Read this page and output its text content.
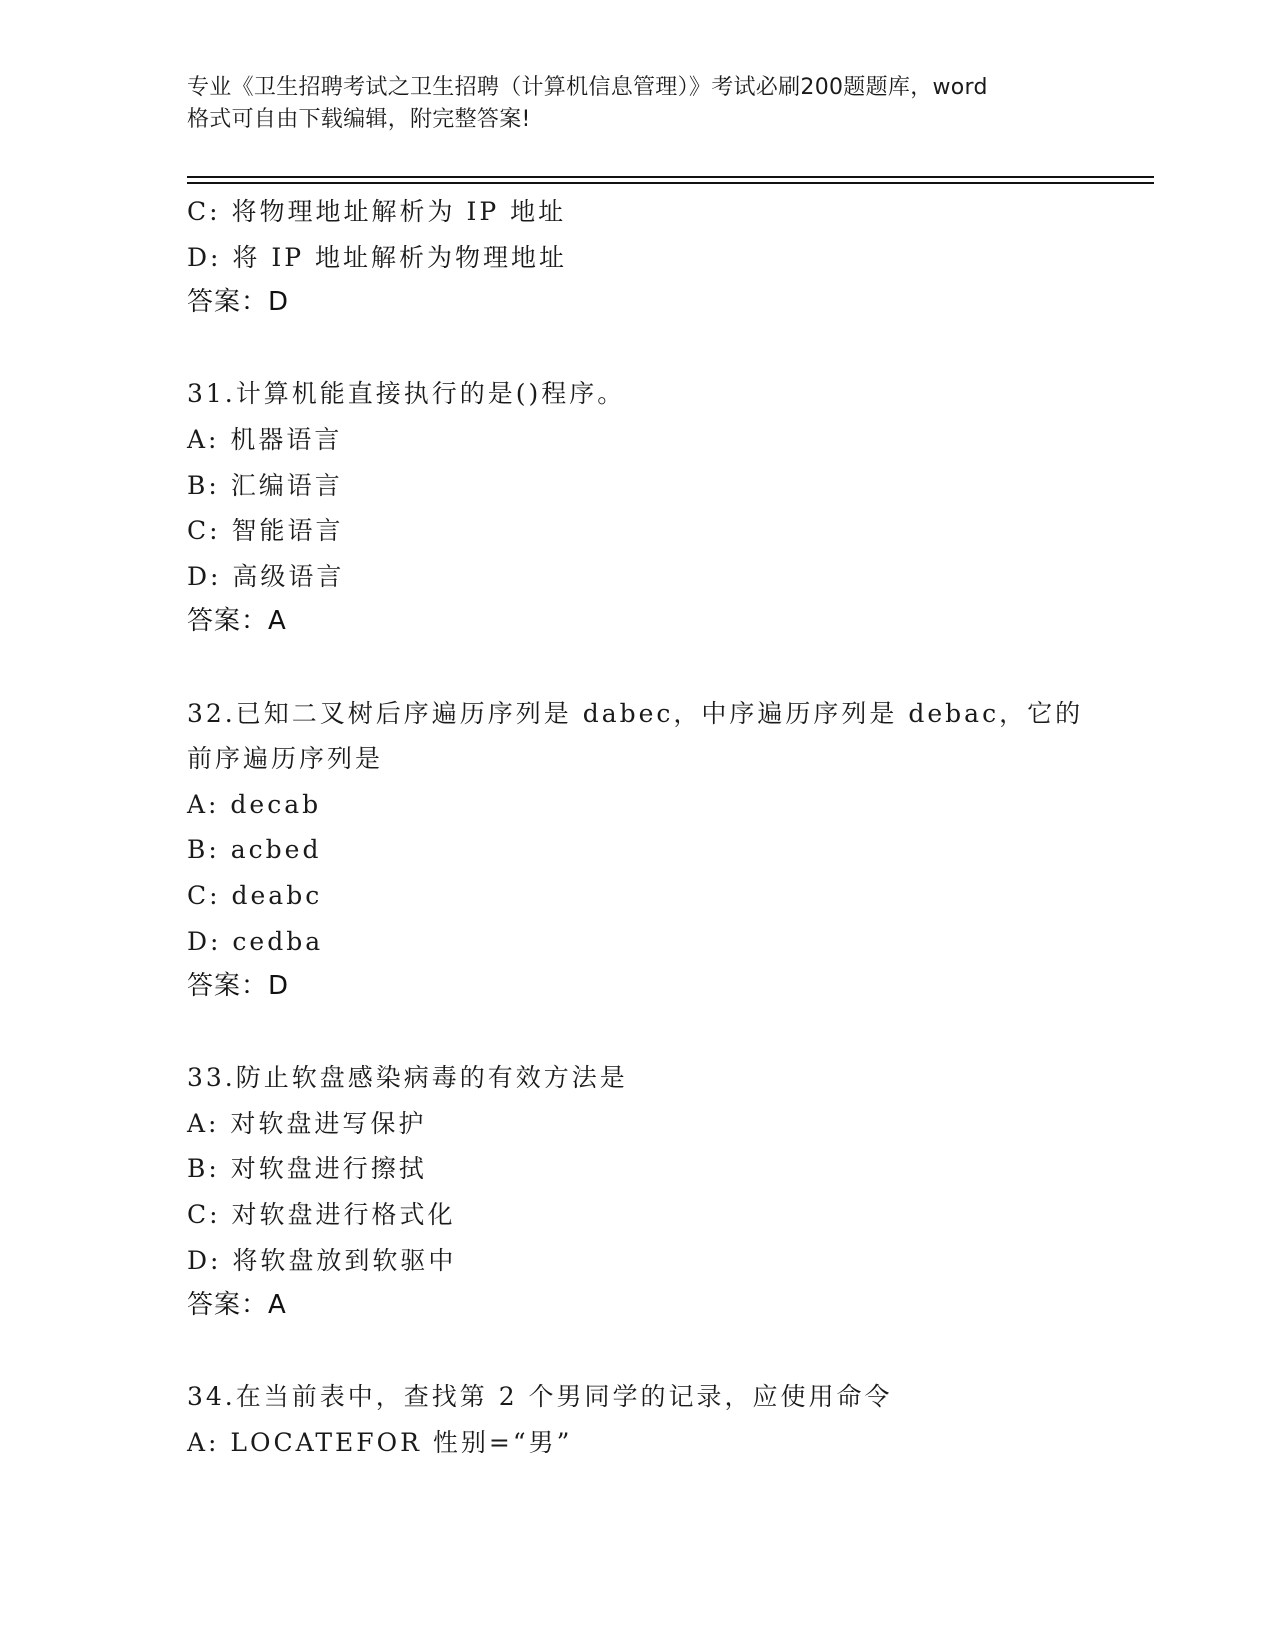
专业《卫生招聘考试之卫生招聘（计算机信息管理）》考试必刷200题题库，word
格式可自由下载编辑，附完整答案!
C: 将物理地址解析为 IP 地址
D: 将 IP 地址解析为物理地址
答案：D
31.计算机能直接执行的是()程序。
A: 机器语言
B: 汇编语言
C: 智能语言
D: 高级语言
答案：A
32.已知二叉树后序遍历序列是 dabec，中序遍历序列是 debac，它的
前序遍历序列是
A: decab
B: acbed
C: deabc
D: cedba
答案：D
33.防止软盘感染病毒的有效方法是
A: 对软盘进写保护
B: 对软盘进行擦拭
C: 对软盘进行格式化
D: 将软盘放到软驱中
答案：A
34.在当前表中，查找第 2 个男同学的记录，应使用命令
A: LOCATEFOR 性别=“男”
